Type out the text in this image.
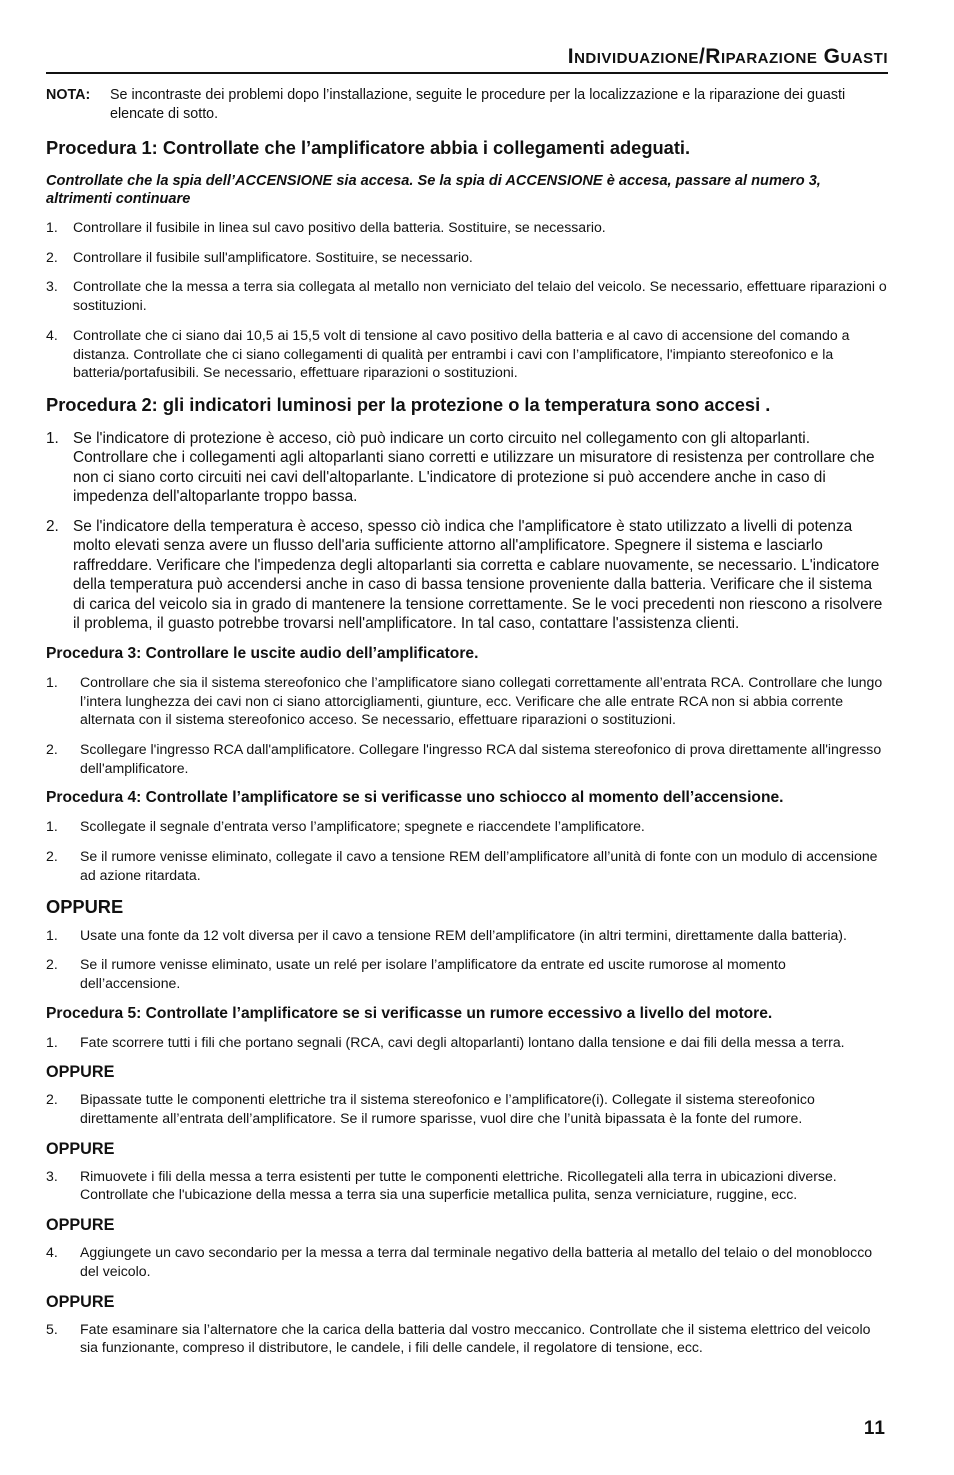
Individuazione/Riparazione Guasti
NOTA:	Se incontraste dei problemi dopo l’installazione, seguite le procedure per la localizzazione e la riparazione dei guasti elencate di sotto.
Procedura 1: Controllate che l’amplificatore abbia i collegamenti adeguati.

Controllate che la spia dell’ACCENSIONE sia accesa. Se la spia di ACCENSIONE è accesa, passare al numero 3, altrimenti continuare

1.	Controllare il fusibile in linea sul cavo positivo della batteria. Sostituire, se necessario.
2.	Controllare il fusibile sull'amplificatore. Sostituire, se necessario.
3.	Controllate che la messa a terra sia collegata al metallo non verniciato del telaio del veicolo. Se necessario, effettuare riparazioni o sostituzioni.
4.	Controllate che ci siano dai 10,5 ai 15,5 volt di tensione al cavo positivo della batteria e al cavo di accensione del comando a distanza. Controllate che ci siano collegamenti di qualità per entrambi i cavi con l’amplificatore, l'impianto stereofonico e la batteria/portafusibili. Se necessario, effettuare riparazioni o sostituzioni.
Procedura 2: gli indicatori luminosi per la protezione o la temperatura sono accesi .
1. Se l'indicatore di protezione è acceso, ciò può indicare un corto circuito nel collegamento con gli altoparlanti. Controllare che i collegamenti agli altoparlanti siano corretti e utilizzare un misuratore di resistenza per controllare che non ci siano corto circuiti nei cavi dell'altoparlante. L'indicatore di protezione si può accendere anche in caso di impedenza dell'altoparlante troppo bassa.
2. Se l'indicatore della temperatura è acceso, spesso ciò indica che l'amplificatore è stato utilizzato a livelli di potenza molto elevati senza avere un flusso dell'aria sufficiente attorno all'amplificatore. Spegnere il sistema e lasciarlo raffreddare. Verificare che l'impedenza degli altoparlanti sia corretta e cablare nuovamente, se necessario. L'indicatore della temperatura può accendersi anche in caso di bassa tensione proveniente dalla batteria. Verificare che il sistema di carica del veicolo sia in grado di mantenere la tensione correttamente. Se le voci precedenti non riescono a risolvere il problema, il guasto potrebbe trovarsi nell'amplificatore. In tal caso, contattare l'assistenza clienti.
Procedura 3: Controllare le uscite audio dell’amplificatore.
1.	Controllare che sia il sistema stereofonico che l’amplificatore siano collegati correttamente all’entrata RCA. Controllare che lungo l’intera lunghezza dei cavi non ci siano attorcigliamenti, giunture, ecc. Verificare che alle entrate RCA non si abbia corrente alternata con il sistema stereofonico acceso. Se necessario, effettuare riparazioni o sostituzioni.
2.	Scollegare l'ingresso RCA dall'amplificatore. Collegare l'ingresso RCA dal sistema stereofonico di prova direttamente all'ingresso dell'amplificatore.
Procedura 4: Controllate l’amplificatore se si verificasse uno schiocco al momento dell’accensione.
1.	Scollegate il segnale d’entrata verso l’amplificatore; spegnete e riaccendete l’amplificatore.
2.	Se il rumore venisse eliminato, collegate il cavo a tensione REM dell’amplificatore all’unità di fonte con un modulo di accensione ad azione ritardata.
OPPURE
1.	Usate una fonte da 12 volt diversa per il cavo a tensione REM dell’amplificatore (in altri termini, direttamente dalla batteria).
2.	Se il rumore venisse eliminato, usate un relé per isolare l’amplificatore da entrate ed uscite rumorose al momento dell’accensione.
Procedura 5: Controllate l’amplificatore se si verificasse un rumore eccessivo a livello del motore.
1.	Fate scorrere tutti i fili che portano segnali (RCA, cavi degli altoparlanti) lontano dalla tensione e dai fili della messa a terra.
OPPURE
2.	Bipassate tutte le componenti elettriche tra il sistema stereofonico e l’amplificatore(i). Collegate il sistema stereofonico direttamente all’entrata dell’amplificatore. Se il rumore sparisse, vuol dire che l’unità bipassata è la fonte del rumore.
OPPURE
3.	Rimuovete i fili della messa a terra esistenti per tutte le componenti elettriche. Ricollegateli alla terra in ubicazioni diverse. Controllate che l'ubicazione della messa a terra sia una superficie metallica pulita, senza verniciature, ruggine, ecc.
OPPURE
4.	Aggiungete un cavo secondario per la messa a terra dal terminale negativo della batteria al metallo del telaio o del monoblocco del veicolo.
OPPURE
5.	Fate esaminare sia l’alternatore che la carica della batteria dal vostro meccanico. Controllate che il sistema elettrico del veicolo sia funzionante, compreso il distributore, le candele, i fili delle candele, il regolatore di tensione, ecc.
11
